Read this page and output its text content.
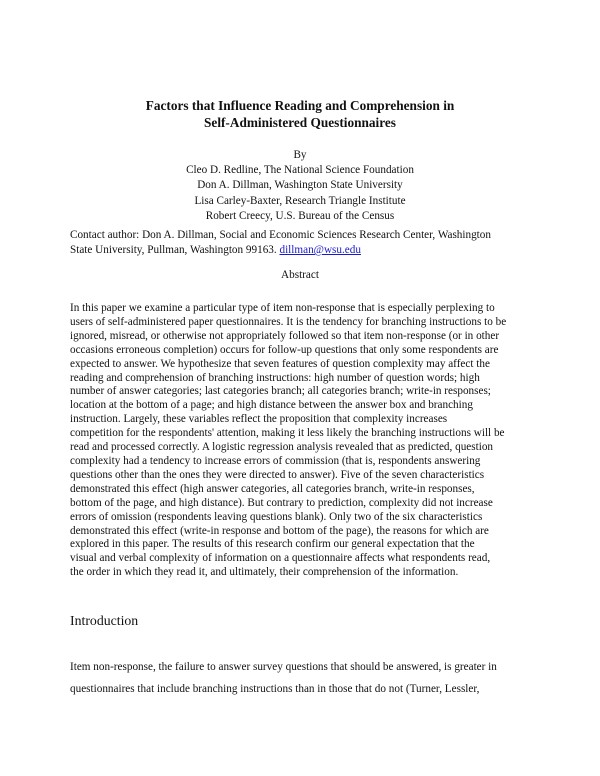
Factors that Influence Reading and Comprehension in
Self-Administered Questionnaires
By
Cleo D. Redline, The National Science Foundation
Don A. Dillman, Washington State University
Lisa Carley-Baxter, Research Triangle Institute
Robert Creecy, U.S. Bureau of the Census
Contact author: Don A. Dillman, Social and Economic Sciences Research Center, Washington
State University, Pullman, Washington 99163. dillman@wsu.edu
Abstract
In this paper we examine a particular type of item non-response that is especially perplexing to
users of self-administered paper questionnaires. It is the tendency for branching instructions to be
ignored, misread, or otherwise not appropriately followed so that item non-response (or in other
occasions erroneous completion) occurs for follow-up questions that only some respondents are
expected to answer. We hypothesize that seven features of question complexity may affect the
reading and comprehension of branching instructions: high number of question words; high
number of answer categories; last categories branch; all categories branch; write-in responses;
location at the bottom of a page; and high distance between the answer box and branching
instruction. Largely, these variables reflect the proposition that complexity increases
competition for the respondents' attention, making it less likely the branching instructions will be
read and processed correctly. A logistic regression analysis revealed that as predicted, question
complexity had a tendency to increase errors of commission (that is, respondents answering
questions other than the ones they were directed to answer). Five of the seven characteristics
demonstrated this effect (high answer categories, all categories branch, write-in responses,
bottom of the page, and high distance). But contrary to prediction, complexity did not increase
errors of omission (respondents leaving questions blank). Only two of the six characteristics
demonstrated this effect (write-in response and bottom of the page), the reasons for which are
explored in this paper. The results of this research confirm our general expectation that the
visual and verbal complexity of information on a questionnaire affects what respondents read,
the order in which they read it, and ultimately, their comprehension of the information.
Introduction
Item non-response, the failure to answer survey questions that should be answered, is greater in
questionnaires that include branching instructions than in those that do not (Turner, Lessler,
